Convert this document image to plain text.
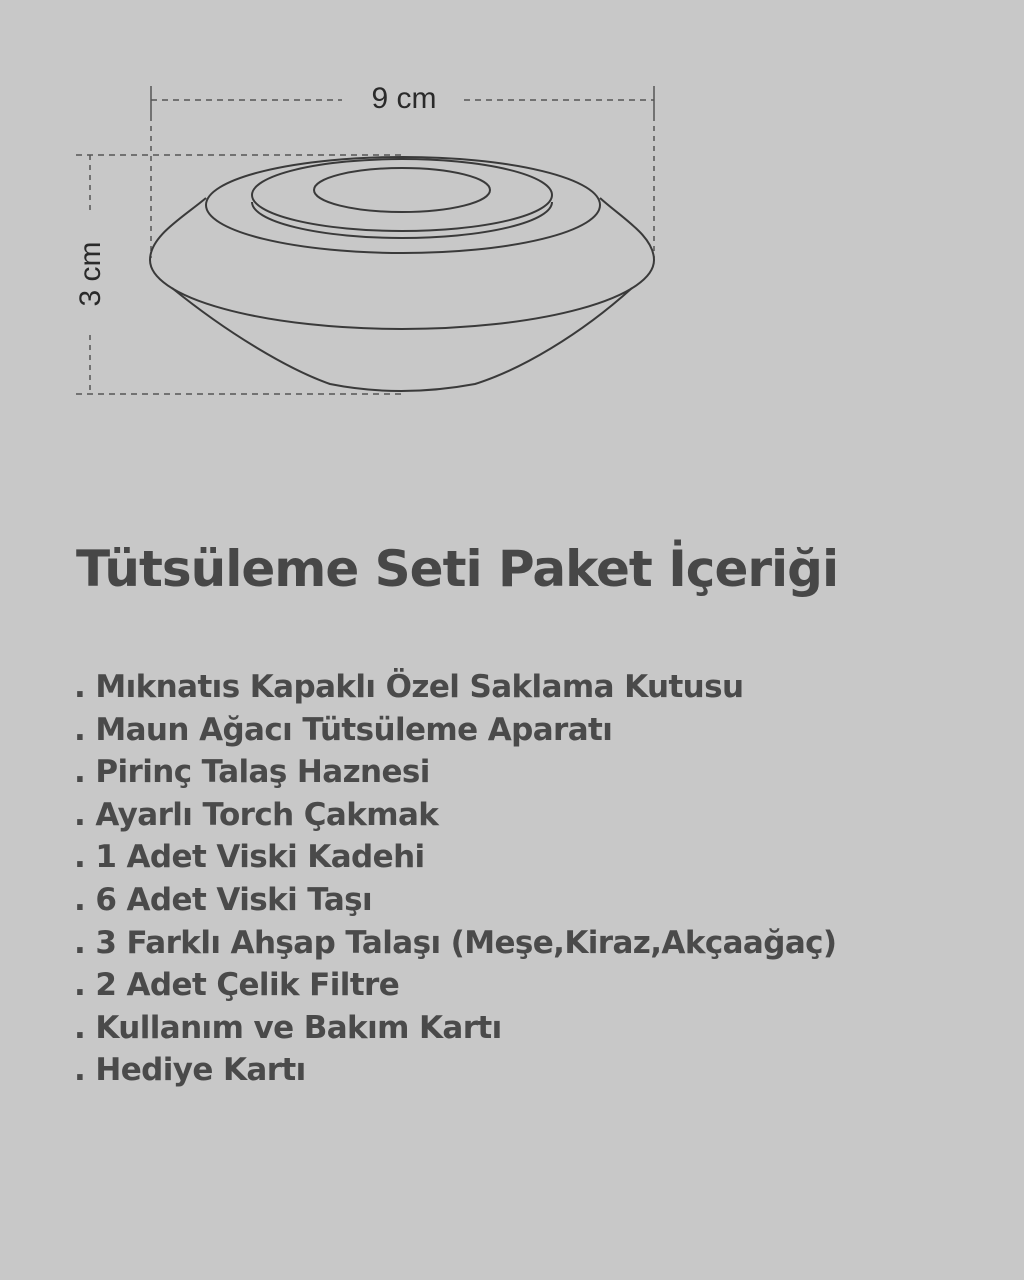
9 cm
3 cm
Tütsüleme Seti Paket İçeriği
. Mıknatıs Kapaklı Özel Saklama Kutusu
. Maun Ağacı Tütsüleme Aparatı
. Pirinç Talaş Haznesi
. Ayarlı Torch Çakmak
. 1 Adet Viski Kadehi
. 6 Adet Viski Taşı
. 3 Farklı Ahşap Talaşı (Meşe,Kiraz,Akçaağaç)
. 2 Adet Çelik Filtre
. Kullanım ve Bakım Kartı
. Hediye Kartı
